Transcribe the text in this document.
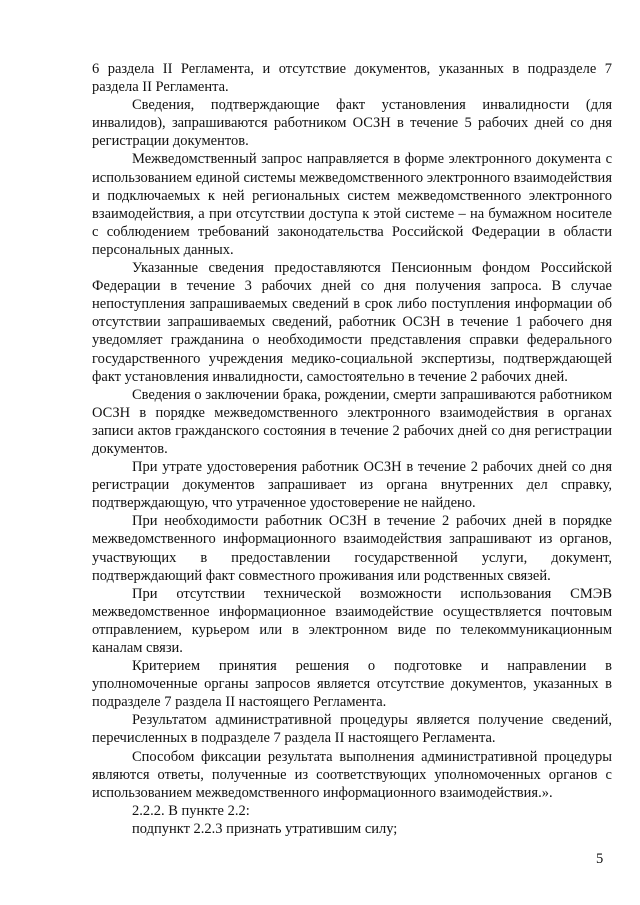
6 раздела II Регламента, и отсутствие документов, указанных в подразделе 7 раздела II Регламента.

Сведения, подтверждающие факт установления инвалидности (для инвалидов), запрашиваются работником ОСЗН в течение 5 рабочих дней со дня регистрации документов.

Межведомственный запрос направляется в форме электронного документа с использованием единой системы межведомственного электронного взаимодействия и подключаемых к ней региональных систем межведомственного электронного взаимодействия, а при отсутствии доступа к этой системе – на бумажном носителе с соблюдением требований законодательства Российской Федерации в области персональных данных.

Указанные сведения предоставляются Пенсионным фондом Российской Федерации в течение 3 рабочих дней со дня получения запроса. В случае непоступления запрашиваемых сведений в срок либо поступления информации об отсутствии запрашиваемых сведений, работник ОСЗН в течение 1 рабочего дня уведомляет гражданина о необходимости представления справки федерального государственного учреждения медико-социальной экспертизы, подтверждающей факт установления инвалидности, самостоятельно в течение 2 рабочих дней.

Сведения о заключении брака, рождении, смерти запрашиваются работником ОСЗН в порядке межведомственного электронного взаимодействия в органах записи актов гражданского состояния в течение 2 рабочих дней со дня регистрации документов.

При утрате удостоверения работник ОСЗН в течение 2 рабочих дней со дня регистрации документов запрашивает из органа внутренних дел справку, подтверждающую, что утраченное удостоверение не найдено.

При необходимости работник ОСЗН в течение 2 рабочих дней в порядке межведомственного информационного взаимодействия запрашивают из органов, участвующих в предоставлении государственной услуги, документ, подтверждающий факт совместного проживания или родственных связей.

При отсутствии технической возможности использования СМЭВ межведомственное информационное взаимодействие осуществляется почтовым отправлением, курьером или в электронном виде по телекоммуникационным каналам связи.

Критерием принятия решения о подготовке и направлении в уполномоченные органы запросов является отсутствие документов, указанных в подразделе 7 раздела II настоящего Регламента.

Результатом административной процедуры является получение сведений, перечисленных в подразделе 7 раздела II настоящего Регламента.

Способом фиксации результата выполнения административной процедуры являются ответы, полученные из соответствующих уполномоченных органов с использованием межведомственного информационного взаимодействия.».

2.2.2. В пункте 2.2:

подпункт 2.2.3 признать утратившим силу;

5
